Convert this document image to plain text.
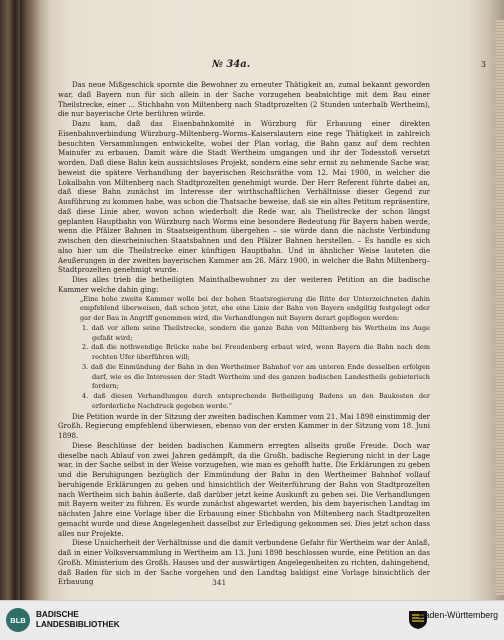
№ 34a.	3

Das neue Mißgeschick spornte die Bewohner zu erneuter Thätigkeit an, zumal bekannt geworden war, daß Bayern nun für sich allein in der Sache vorzugehen beabsichtige mit dem Bau einer Theilstrecke, einer ... Stichbahn von Miltenberg nach Stadtprozelten (2 Stunden unterhalb Wertheim), die nur bayerische Orte berühren würde.

Dazu kam, daß das Eisenbahnkomité in Würzburg für Erbauung einer direkten Eisenbahnverbindung Würzburg–Miltenberg–Worms–Kaiserslautern eine rege Thätigkeit in zahlreich besuchten Versammlungen entwickelte, wobei der Plan vorlag, die Bahn ganz auf dem rechten Mainufer zu erbauen. Damit wäre die Stadt Wertheim umgangen und ihr der Todesstoß versetzt worden. Daß diese Bahn kein aussichtsloses Projekt, sondern eine sehr ernst zu nehmende Sache war, beweist die spätere Verhandlung der bayerischen Reichsräthe vom 12. Mai 1900, in welcher die Lokalbahn von Miltenberg nach Stadtprozelten genehmigt wurde. Der Herr Referent führte dabei an, daß diese Bahn zunächst im Interesse der wirthschaftlichen Verhältnisse dieser Gegend zur Ausführung zu kommen habe, was schon die Thatsache beweise, daß sie ein altes Petitum repräsentire, daß diese Linie aber, wovon schon wiederholt die Rede war, als Theilstrecke der schon längst geplanten Hauptbahn von Würzburg nach Worms eine besondere Bedeutung für Bayern haben werde, wenn die Pfälzer Bahnen in Staatseigenthum übergehen – sie würde dann die nächste Verbindung zwischen den diesrheinischen Staatsbahnen und den Pfälzer Bahnen herstellen. – Es handle es sich also hier um die Theilstrecke einer künftigen Hauptbahn. Und in ähnlicher Weise lauteten die Aeußerungen in der zweiten bayerischen Kammer am 26. März 1900, in welcher die Bahn Miltenberg–Stadtprozelten genehmigt wurde.

Dies alles trieb die betheiligten Mainthalbewohner zu der weiteren Petition an die badische Kammer welche dahin ging:

„Eine hohe zweite Kammer wolle bei der hohen Staatsregierung die Bitte der Unterzeichneten dahin empfehlend überweisen, daß schon jetzt, ehe eine Linie der Bahn von Bayern endgiltig festgelegt oder gar der Bau in Angriff genommen wird, die Verhandlungen mit Bayern derart gepflogen werden:

1. daß vor allem seine Theilstrecke, sondern die ganze Bahn von Miltenberg bis Wertheim ins Auge gefaßt wird;
2. daß die nothwendige Brücke nahe bei Freudenberg erbaut wird, wenn Bayern die Bahn nach dem rechten Ufer überführen will;
3. daß die Einmündung der Bahn in den Wertheimer Bahnhof vor am unteren Ende desselben erfolgen darf, wie es die Interessen der Stadt Wertheim und des ganzen badischen Landestheils gebieterisch fordern;
4. daß diesen Verhandlungen durch entsprechende Betheiligung Badens an den Baukosten der erforderliche Nachdruck gegeben werde.“

Die Petition wurde in der Sitzung der zweiten badischen Kammer vom 21. Mai 1898 einstimmig der Großh. Regierung empfehlend überwiesen, ebenso von der ersten Kammer in der Sitzung vom 18. Juni 1898.

Diese Beschlüsse der beiden badischen Kammern erregten allseits große Freude. Doch war dieselbe nach Ablauf von zwei Jahren gedämpft, da die Großh. badische Regierung nicht in der Lage war, in der Sache selbst in der Weise vorzugehen, wie man es gehofft hatte. Die Erklärungen zu geben und die Beruhigungen bezüglich der Einmündung der Bahn in den Wertheimer Bahnhof vollauf beruhigende Erklärungen zu geben und hinsichtlich der Weiterführung der Bahn von Stadtprozelten nach Wertheim sich bahin äußerte, daß darüber jetzt keine Auskunft zu geben sei. Die Verhandlungen mit Bayern weiter zu führen. Es wurde zunächst abgewartet werden, bis dem bayerischen Landtag im nächsten Jahre eine Vorlage über die Erbauung einer Stichbahn von Miltenberg nach Stadtprozelten gemacht wurde und diese Angelegenheit dasselbst zur Erledigung gekommen sei. Dies jetzt schon dass alles nur Projekte.

Diese Unsicherheit der Verhältnisse und die damit verbundene Gefahr für Wertheim war der Anlaß, daß in einer Volksversammlung in Wertheim am 13. Juni 1898 beschlossen wurde, eine Petition an das Großh. Ministerium des Großh. Hauses und der auswärtigen Angelegenheiten zu richten, dahingehend, daß Baden für sich in der Sache vorgehen und den Landtag baldigst eine Vorlage hinsichtlich der Erbauung	341
BLB
BADISCHE
LANDESBIBLIOTHEK
Baden-Württemberg
